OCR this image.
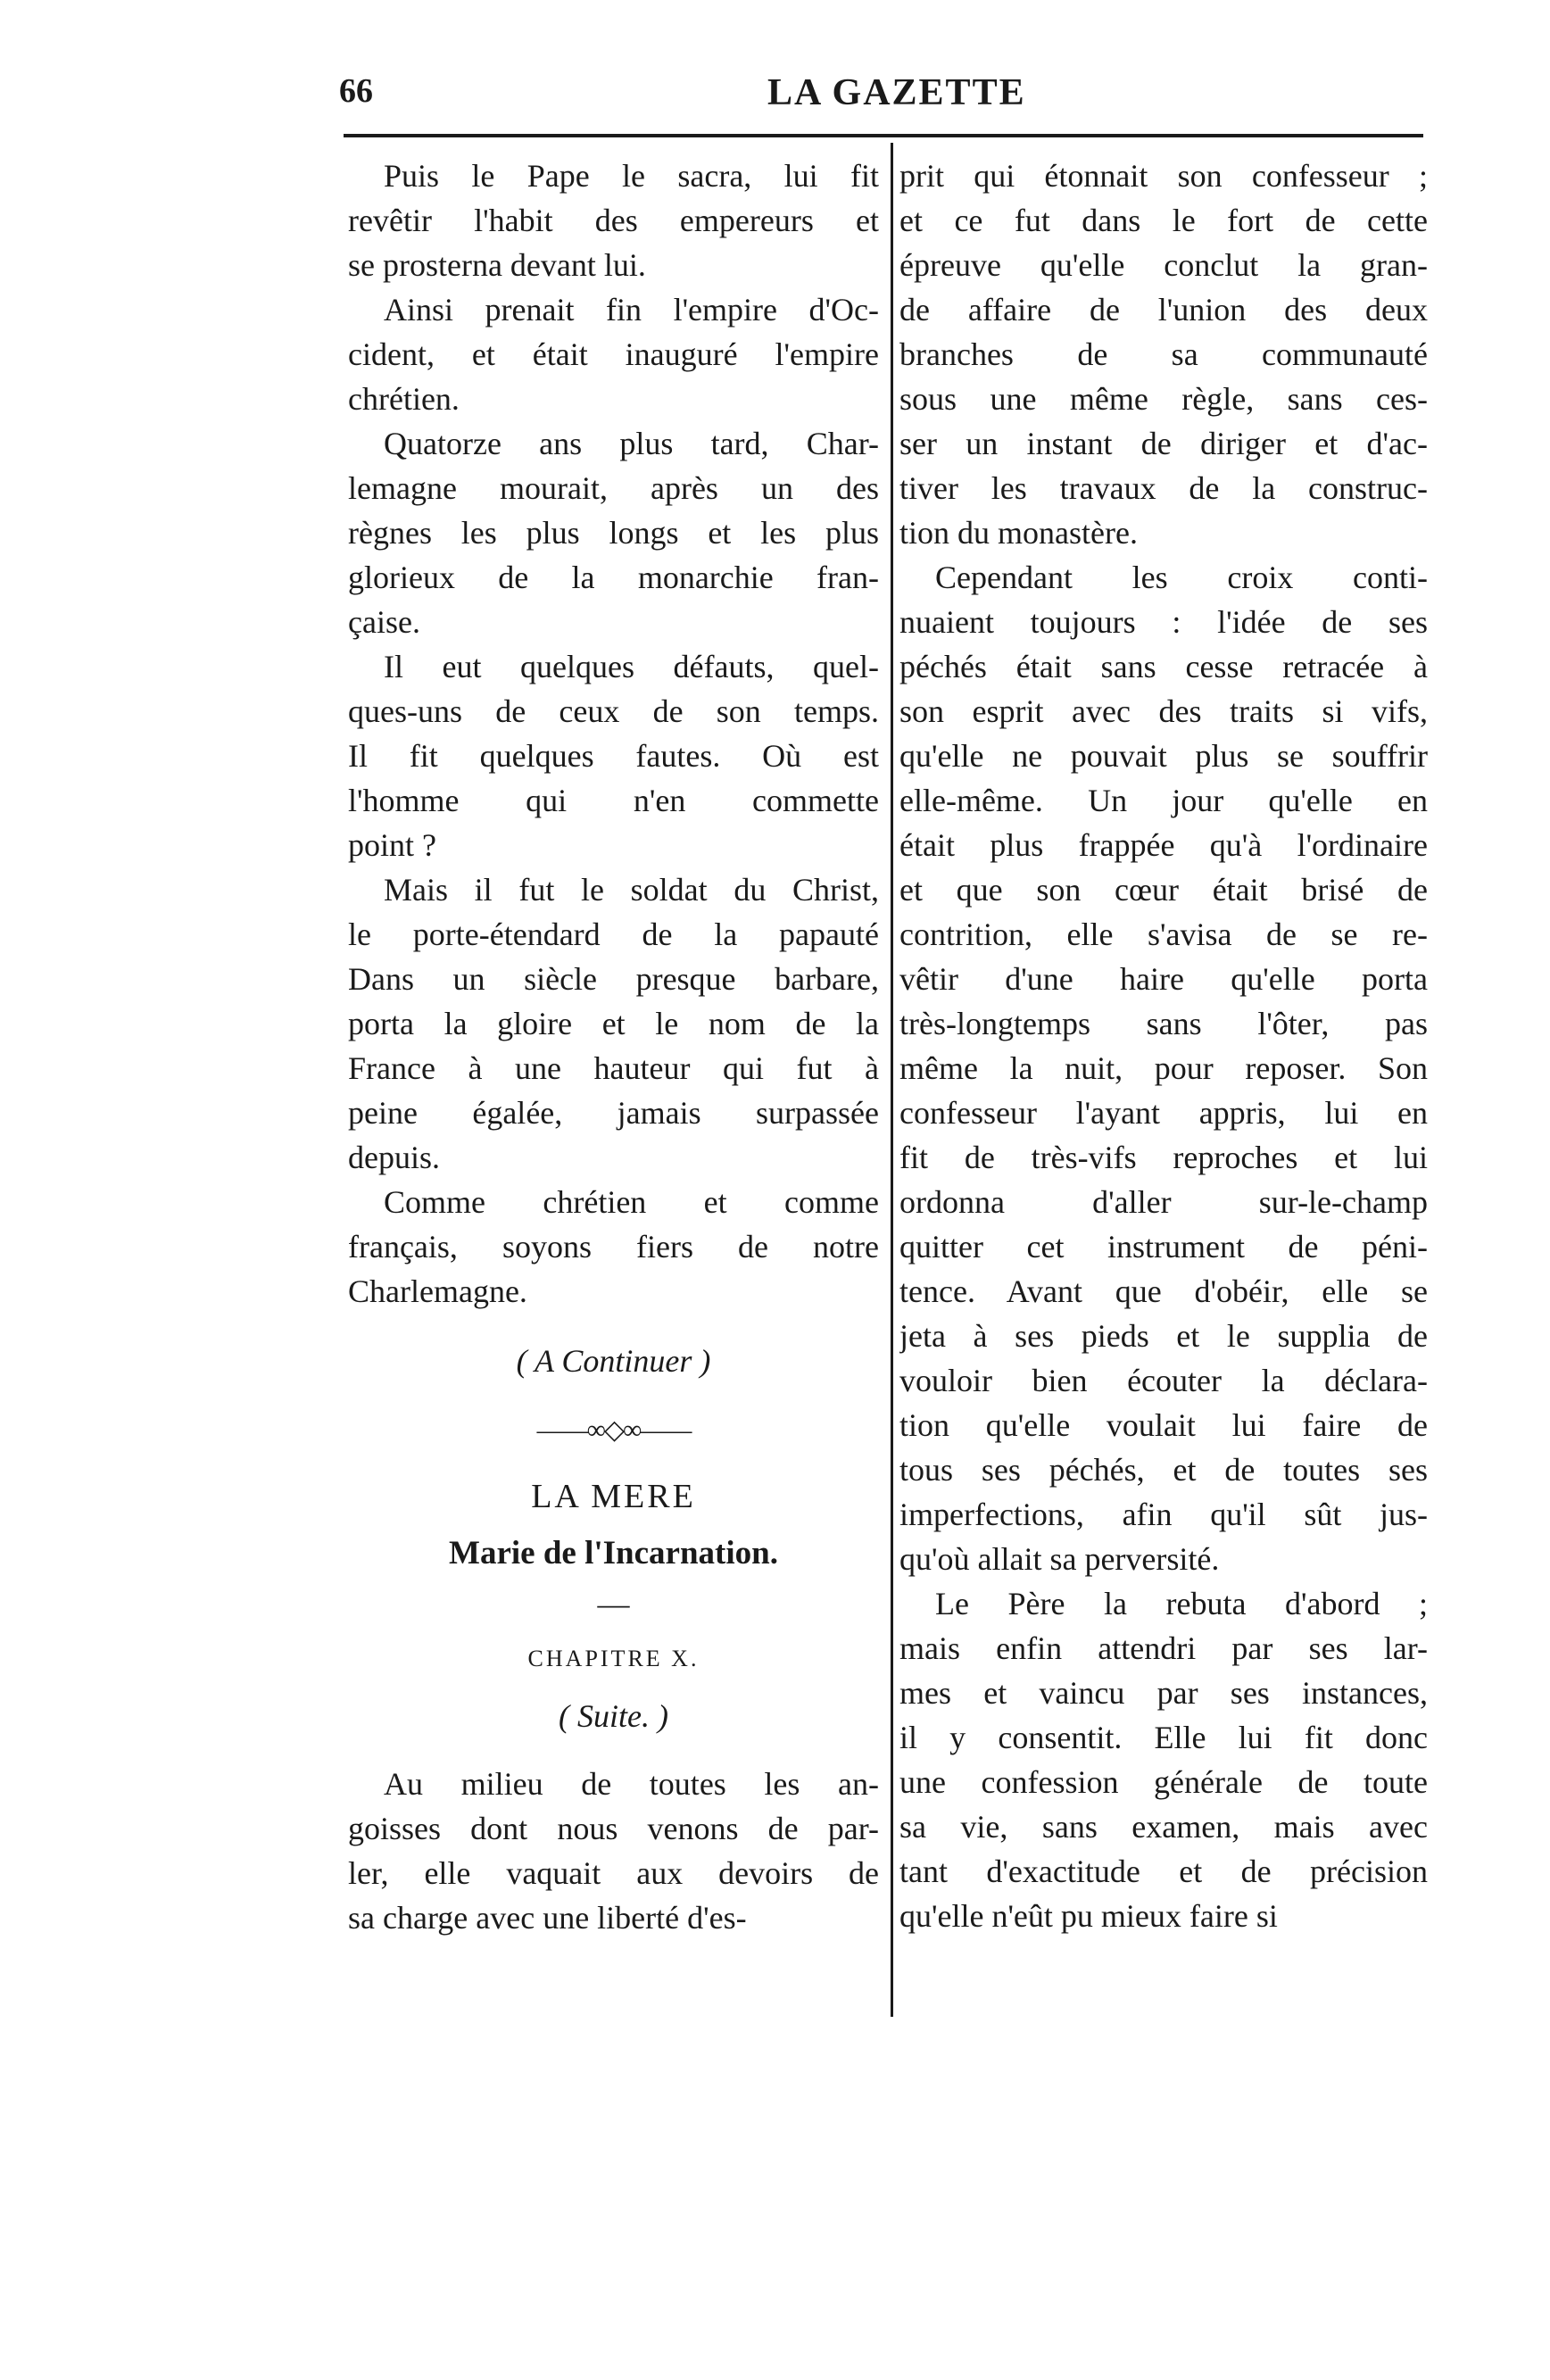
66	LA GAZETTE
Puis le Pape le sacra, lui fit
revêtir l'habit des empereurs et
se prosterna devant lui.
Ainsi prenait fin l'empire d'Oc-
cident, et était inauguré l'empire
chrétien.
Quatorze ans plus tard, Char-
lemagne mourait, après un des
règnes les plus longs et les plus
glorieux de la monarchie fran-
çaise.
Il eut quelques défauts, quel-
ques-uns de ceux de son temps.
Il fit quelques fautes. Où est
l'homme qui n'en commette
point ?
Mais il fut le soldat du Christ,
le porte-étendard de la papauté
Dans un siècle presque barbare,
porta la gloire et le nom de la
France à une hauteur qui fut à
peine égalée, jamais surpassée
depuis.
Comme chrétien et comme
français, soyons fiers de notre
Charlemagne.

( A Continuer )

——∞◇∞——

LA MERE

Marie de l'Incarnation.

—

CHAPITRE X.

( Suite. )

Au milieu de toutes les an-
goisses dont nous venons de par-
ler, elle vaquait aux devoirs de
sa charge avec une liberté d'es-
prit qui étonnait son confesseur ;
et ce fut dans le fort de cette
épreuve qu'elle conclut la gran-
de affaire de l'union des deux
branches de sa communauté
sous une même règle, sans ces-
ser un instant de diriger et d'ac-
tiver les travaux de la construc-
tion du monastère.
Cependant les croix conti-
nuaient toujours : l'idée de ses
péchés était sans cesse retracée à
son esprit avec des traits si vifs,
qu'elle ne pouvait plus se souffrir
elle-même. Un jour qu'elle en
était plus frappée qu'à l'ordinaire
et que son cœur était brisé de
contrition, elle s'avisa de se re-
vêtir d'une haire qu'elle porta
très-longtemps sans l'ôter, pas
même la nuit, pour reposer. Son
confesseur l'ayant appris, lui en
fit de très-vifs reproches et lui
ordonna d'aller sur-le-champ
quitter cet instrument de péni-
tence. Avant que d'obéir, elle se
jeta à ses pieds et le supplia de
vouloir bien écouter la déclara-
tion qu'elle voulait lui faire de
tous ses péchés, et de toutes ses
imperfections, afin qu'il sût jus-
qu'où allait sa perversité.
Le Père la rebuta d'abord ;
mais enfin attendri par ses lar-
mes et vaincu par ses instances,
il y consentit. Elle lui fit donc
une confession générale de toute
sa vie, sans examen, mais avec
tant d'exactitude et de précision
qu'elle n'eût pu mieux faire si
